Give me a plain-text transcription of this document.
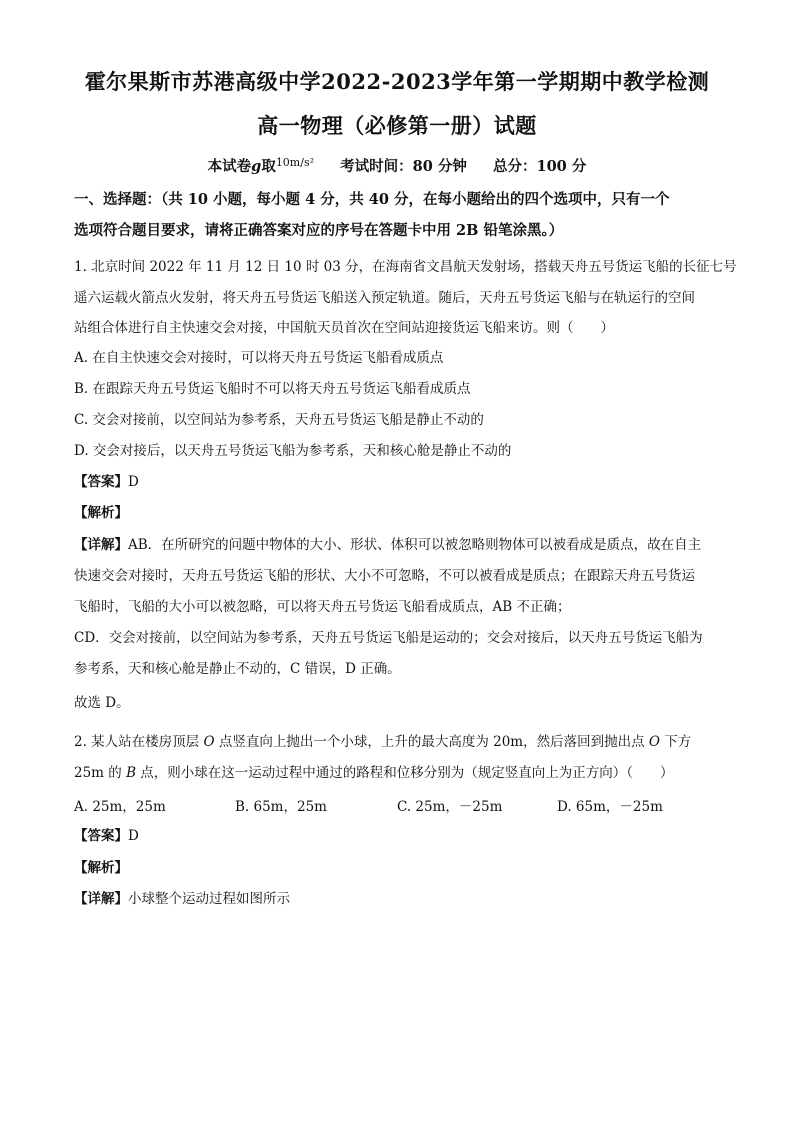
霍尔果斯市苏港高级中学2022-2023学年第一学期期中教学检测
高一物理（必修第一册）试题
本试卷g取$^{10m/s^2}$ 考试时间：80 分钟 总分：100 分
一、选择题：（共 10 小题，每小题 4 分，共 40 分，在每小题给出的四个选项中，只有一个
选项符合题目要求，请将正确答案对应的序号在答题卡中用 2B 铅笔涂黑。）
1. 北京时间 2022 年 11 月 12 日 10 时 03 分，在海南省文昌航天发射场，搭载天舟五号货运飞船的长征七号
遥六运载火箭点火发射，将天舟五号货运飞船送入预定轨道。随后，天舟五号货运飞船与在轨运行的空间
站组合体进行自主快速交会对接，中国航天员首次在空间站迎接货运飞船来访。则（　　）
A. 在自主快速交会对接时，可以将天舟五号货运飞船看成质点
B. 在跟踪天舟五号货运飞船时不可以将天舟五号货运飞船看成质点
C. 交会对接前，以空间站为参考系，天舟五号货运飞船是静止不动的
D. 交会对接后，以天舟五号货运飞船为参考系，天和核心舱是静止不动的
【答案】D
【解析】
【详解】AB．在所研究的问题中物体的大小、形状、体积可以被忽略则物体可以被看成是质点，故在自主
快速交会对接时，天舟五号货运飞船的形状、大小不可忽略，不可以被看成是质点；在跟踪天舟五号货运
飞船时，飞船的大小可以被忽略，可以将天舟五号货运飞船看成质点，AB 不正确；
CD．交会对接前，以空间站为参考系，天舟五号货运飞船是运动的；交会对接后，以天舟五号货运飞船为
参考系，天和核心舱是静止不动的，C 错误，D 正确。
故选 D。
2. 某人站在楼房顶层 O 点竖直向上抛出一个小球，上升的最大高度为 20m，然后落回到抛出点 O 下方
25m 的 B 点，则小球在这一运动过程中通过的路程和位移分别为（规定竖直向上为正方向）（　　）
A. 25m，25m	B. 65m，25m	C. 25m，－25m	D. 65m，－25m
【答案】D
【解析】
【详解】小球整个运动过程如图所示
